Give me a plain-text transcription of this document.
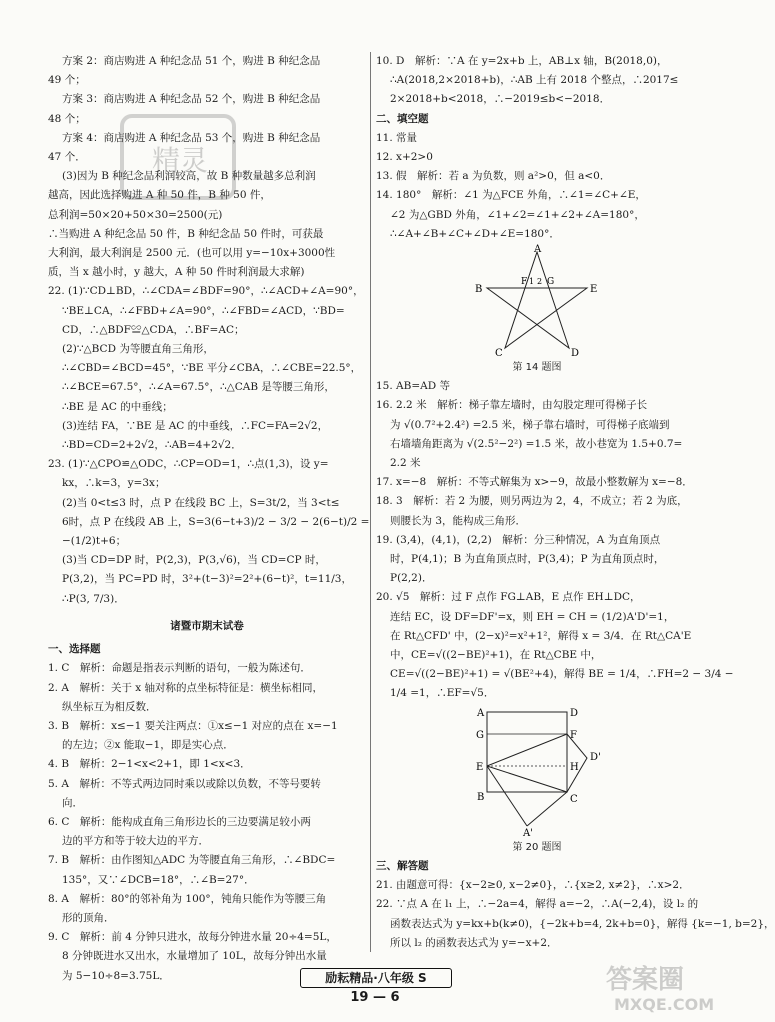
方案 2：商店购进 A 种纪念品 51 个，购进 B 种纪念品
49 个；
方案 3：商店购进 A 种纪念品 52 个，购进 B 种纪念品
48 个；
方案 4：商店购进 A 种纪念品 53 个，购进 B 种纪念品
47 个．
(3)因为 B 种纪念品利润较高，故 B 种数量越多总利润
越高，因此选择购进 A 种 50 件，B 种 50 件，
总利润=50×20+50×30=2500(元)
∴当购进 A 种纪念品 50 件，B 种纪念品 50 件时，可获最
大利润，最大利润是 2500 元．(也可以用 y=−10x+3000性
质，当 x 越小时，y 越大，A 种 50 件时利润最大求解)
22. (1)∵CD⊥BD，∴∠CDA=∠BDF=90°，∴∠ACD+∠A=90°，
∵BE⊥CA，∴∠FBD+∠A=90°，∴∠FBD=∠ACD，∵BD=
CD，∴△BDF≌△CDA，∴BF=AC；
(2)∵△BCD 为等腰直角三角形，
∴∠CBD=∠BCD=45°，∵BE 平分∠CBA，∴∠CBE=22.5°，
∴∠BCE=67.5°，∴∠A=67.5°，∴△CAB 是等腰三角形，
∴BE 是 AC 的中垂线；
(3)连结 FA，∵BE 是 AC 的中垂线，∴FC=FA=2√2，
∴BD=CD=2+2√2，∴AB=4+2√2．
23. (1)∵△CPO≌△ODC，∴CP=OD=1，∴点(1,3)，设 y=
kx，∴k=3，y=3x；
(2)当 0<t≤3 时，点 P 在线段 BC 上，S=3t/2，当 3<t≤
6时，点 P 在线段 AB 上，S=3(6−t+3)/2 − 3/2 − 2(6−t)/2 =
−(1/2)t+6；
(3)当 CD=DP 时，P(2,3)，P(3,√6)，当 CD=CP 时，
P(3,2)，当 PC=PD 时，3²+(t−3)²=2²+(6−t)²，t=11/3，
∴P(3, 7/3)．
诸暨市期末试卷
一、选择题
1. C　解析：命题是指表示判断的语句，一般为陈述句．
2. A　解析：关于 x 轴对称的点坐标特征是：横坐标相同，
纵坐标互为相反数．
3. B　解析：x≤−1 要关注两点：①x≤−1 对应的点在 x=−1
的左边；②x 能取−1，即是实心点．
4. B　解析：2−1<x<2+1，即 1<x<3．
5. A　解析：不等式两边同时乘以或除以负数，不等号要转
向．
6. C　解析：能构成直角三角形边长的三边要满足较小两
边的平方和等于较大边的平方．
7. B　解析：由作图知△ADC 为等腰直角三角形，∴∠BDC=
135°，又∵∠DCB=18°，∴∠B=27°．
8. A　解析：80°的邻补角为 100°，钝角只能作为等腰三角
形的顶角．
9. C　解析：前 4 分钟只进水，故每分钟进水量 20÷4=5L，
8 分钟既进水又出水，水量增加了 10L，故每分钟出水量
为 5−10÷8=3.75L．
10. D　解析：∵A 在 y=2x+b 上，AB⊥x 轴，B(2018,0)，
∴A(2018,2×2018+b)，∴AB 上有 2018 个整点，∴2017≤
2×2018+b<2018，∴−2019≤b<−2018．
二、填空题
11. 常量
12. x+2>0
13. 假　解析：若 a 为负数，则 a²>0，但 a<0．
14. 180°　解析：∠1 为△FCE 外角，∴∠1=∠C+∠E，
∠2 为△GBD 外角，∠1+∠2=∠1+∠2+∠A=180°，
∴∠A+∠B+∠C+∠D+∠E=180°．
A
B
C	D
E
F 1 2 G
第 14 题图
15. AB=AD 等
16. 2.2 米　解析：梯子靠左墙时，由勾股定理可得梯子长
为 √(0.7²+2.4²) =2.5 米，梯子靠右墙时，可得梯子底端到
右墙墙角距离为 √(2.5²−2²) =1.5 米，故小巷宽为 1.5+0.7=
2.2 米
17. x=−8　解析：不等式解集为 x>−9，故最小整数解为 x=−8．
18. 3　解析：若 2 为腰，则另两边为 2，4，不成立；若 2 为底，
则腰长为 3，能构成三角形．
19. (3,4)，(4,1)，(2,2)　解析：分三种情况，A 为直角顶点
时，P(4,1)；B 为直角顶点时，P(3,4)；P 为直角顶点时，
P(2,2)．
20. √5　解析：过 F 点作 FG⊥AB，E 点作 EH⊥DC，
连结 EC，设 DF=DF'=x，则 EH = CH = (1/2)A'D'=1，
在 Rt△CFD' 中，(2−x)²=x²+1²，解得 x = 3/4．在 Rt△CA'E
中，CE=√((2−BE)²+1)，在 Rt△CBE 中，
CE=√((2−BE)²+1) = √(BE²+4)，解得 BE = 1/4，∴FH=2 − 3/4 −
1/4 =1，∴EF=√5．
A	D
G	F
D'
E	H
B	C
A'
第 20 题图
三、解答题
21. 由题意可得：{x−2≥0, x−2≠0}，∴{x≥2, x≠2}，∴x>2．
22. ∵点 A 在 l₁ 上，∴−2a=4，解得 a=−2，∴A(−2,4)，设 l₂ 的
函数表达式为 y=kx+b(k≠0)，{−2k+b=4, 2k+b=0}，解得 {k=−1, b=2}，
所以 l₂ 的函数表达式为 y=−x+2．
精灵
励耘精品·八年级 S
19 — 6
答案圈
MXQE.COM
